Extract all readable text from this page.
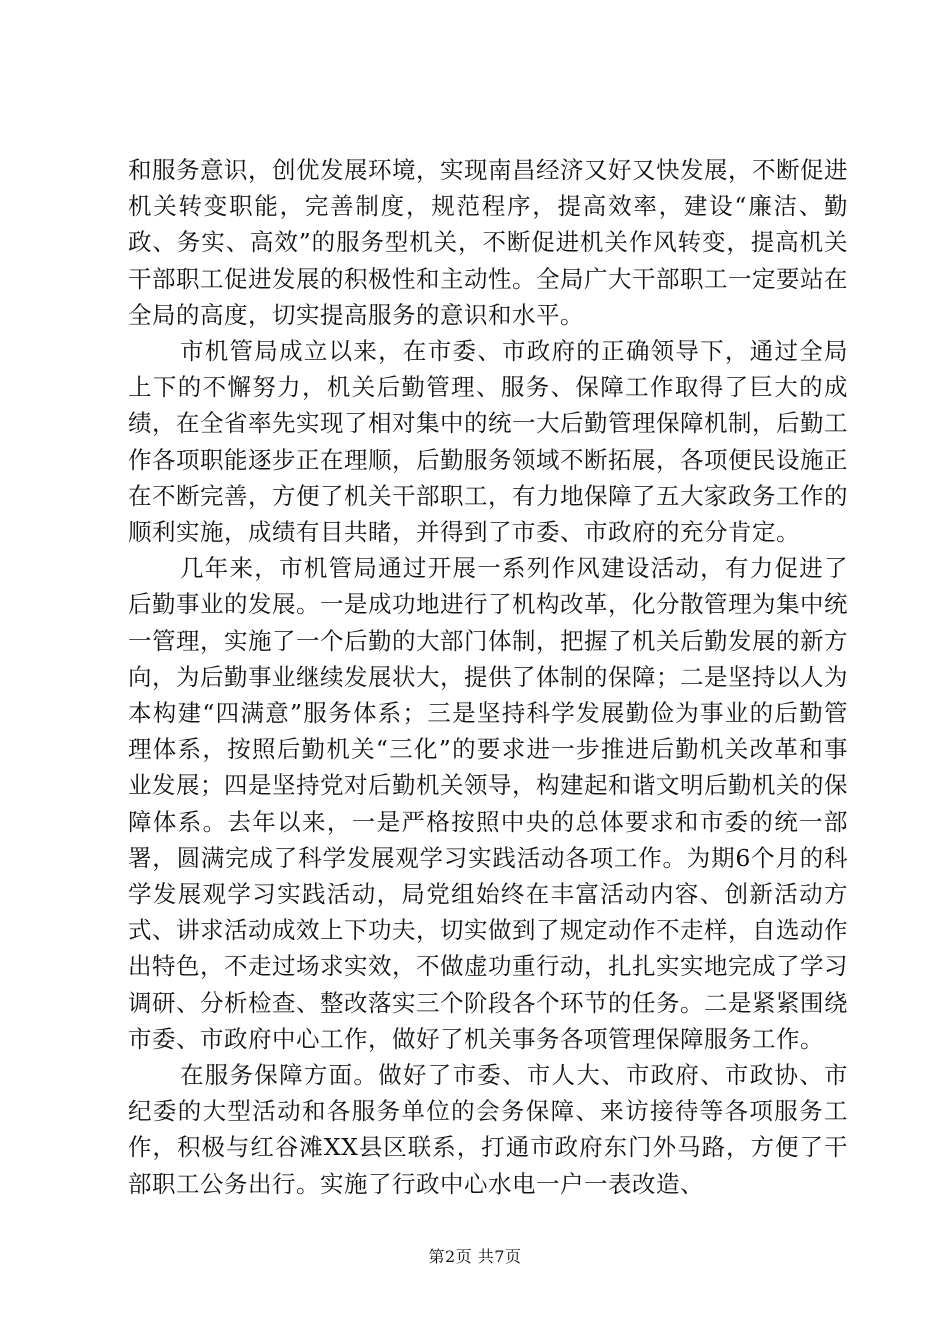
和服务意识，创优发展环境，实现南昌经济又好又快发展，不断促进机关转变职能，完善制度，规范程序，提高效率，建设“廉洁、勤政、务实、高效”的服务型机关，不断促进机关作风转变，提高机关干部职工促进发展的积极性和主动性。全局广大干部职工一定要站在全局的高度，切实提高服务的意识和水平。

市机管局成立以来，在市委、市政府的正确领导下，通过全局上下的不懈努力，机关后勤管理、服务、保障工作取得了巨大的成绩，在全省率先实现了相对集中的统一大后勤管理保障机制，后勤工作各项职能逐步正在理顺，后勤服务领域不断拓展，各项便民设施正在不断完善，方便了机关干部职工，有力地保障了五大家政务工作的顺利实施，成绩有目共睹，并得到了市委、市政府的充分肯定。

几年来，市机管局通过开展一系列作风建设活动，有力促进了后勤事业的发展。一是成功地进行了机构改革，化分散管理为集中统一管理，实施了一个后勤的大部门体制，把握了机关后勤发展的新方向，为后勤事业继续发展状大，提供了体制的保障；二是坚持以人为本构建“四满意”服务体系；三是坚持科学发展勤俭为事业的后勤管理体系，按照后勤机关“三化”的要求进一步推进后勤机关改革和事业发展；四是坚持党对后勤机关领导，构建起和谐文明后勤机关的保障体系。去年以来，一是严格按照中央的总体要求和市委的统一部署，圆满完成了科学发展观学习实践活动各项工作。为期6个月的科学发展观学习实践活动，局党组始终在丰富活动内容、创新活动方式、讲求活动成效上下功夫，切实做到了规定动作不走样，自选动作出特色，不走过场求实效，不做虚功重行动，扎扎实实地完成了学习调研、分析检查、整改落实三个阶段各个环节的任务。二是紧紧围绕市委、市政府中心工作，做好了机关事务各项管理保障服务工作。

在服务保障方面。做好了市委、市人大、市政府、市政协、市纪委的大型活动和各服务单位的会务保障、来访接待等各项服务工作，积极与红谷滩XX县区联系，打通市政府东门外马路，方便了干部职工公务出行。实施了行政中心水电一户一表改造、

第2页 共7页
